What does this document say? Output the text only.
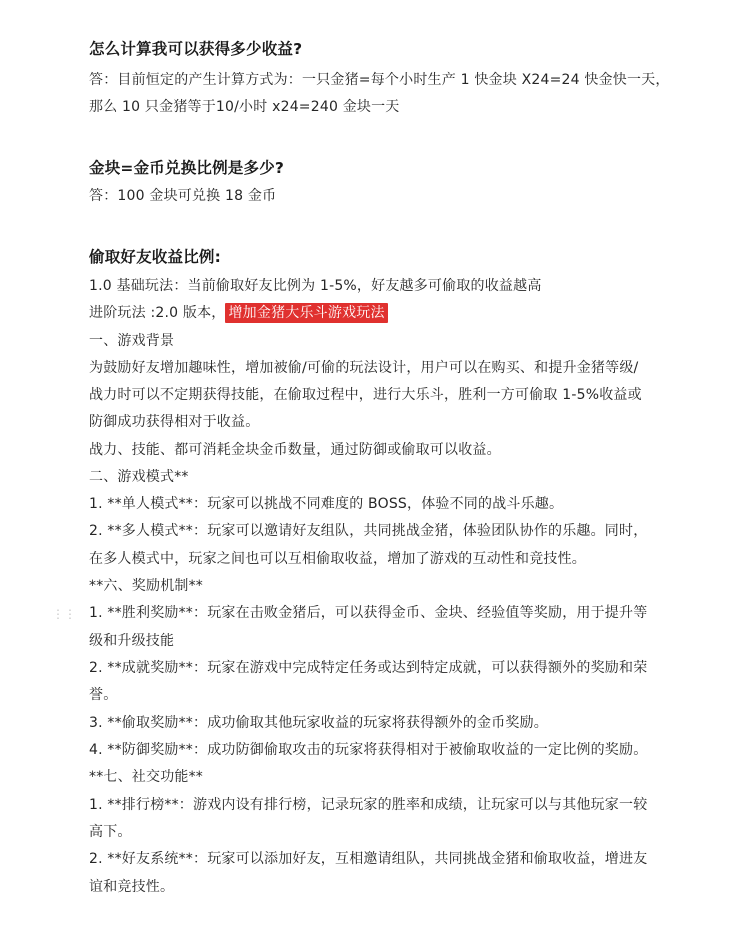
怎么计算我可以获得多少收益?
答：目前恒定的产生计算方式为：一只金猪=每个小时生产 1 快金块 X24=24 快金快一天，
那么 10 只金猪等于10/小时 x24=240 金块一天
金块=金币兑换比例是多少?
答：100 金块可兑换 18 金币
偷取好友收益比例:
1.0 基础玩法：当前偷取好友比例为 1-5%，好友越多可偷取的收益越高
进阶玩法 :2.0 版本， 增加金猪大乐斗游戏玩法
一、游戏背景
为鼓励好友增加趣味性，增加被偷/可偷的玩法设计，用户可以在购买、和提升金猪等级/
战力时可以不定期获得技能，在偷取过程中，进行大乐斗，胜利一方可偷取 1-5%收益或
防御成功获得相对于收益。
战力、技能、都可消耗金块金币数量，通过防御或偷取可以收益。
二、游戏模式**
1. **单人模式**：玩家可以挑战不同难度的 BOSS，体验不同的战斗乐趣。
2. **多人模式**：玩家可以邀请好友组队，共同挑战金猪，体验团队协作的乐趣。同时，
在多人模式中，玩家之间也可以互相偷取收益，增加了游戏的互动性和竞技性。
**六、奖励机制**
1. **胜利奖励**：玩家在击败金猪后，可以获得金币、金块、经验值等奖励，用于提升等
级和升级技能
2. **成就奖励**：玩家在游戏中完成特定任务或达到特定成就，可以获得额外的奖励和荣
誉。
3. **偷取奖励**：成功偷取其他玩家收益的玩家将获得额外的金币奖励。
4. **防御奖励**：成功防御偷取攻击的玩家将获得相对于被偷取收益的一定比例的奖励。
**七、社交功能**
1. **排行榜**：游戏内设有排行榜，记录玩家的胜率和成绩，让玩家可以与其他玩家一较
高下。
2. **好友系统**：玩家可以添加好友，互相邀请组队，共同挑战金猪和偷取收益，增进友
谊和竞技性。
⋮⋮
